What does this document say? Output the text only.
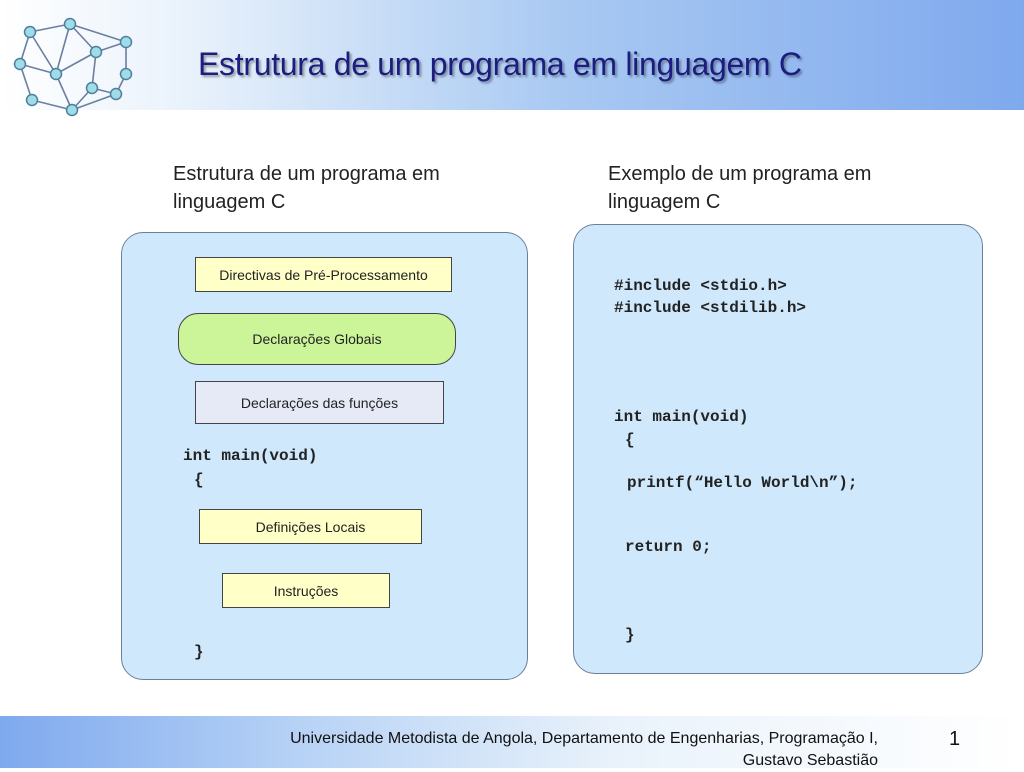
Estrutura de um programa em linguagem C
Estrutura de um programa em linguagem C
Directivas de Pré-Processamento
Declarações Globais
Declarações das funções
int main(void)
{
Definições Locais
Instruções
}
Exemplo de um programa em linguagem C
#include <stdio.h>
#include <stdilib.h>
int main(void)
{
printf(“Hello World\n”);
return 0;
}
Universidade Metodista de Angola, Departamento de Engenharias, Programação I,
Gustavo Sebastião
1
